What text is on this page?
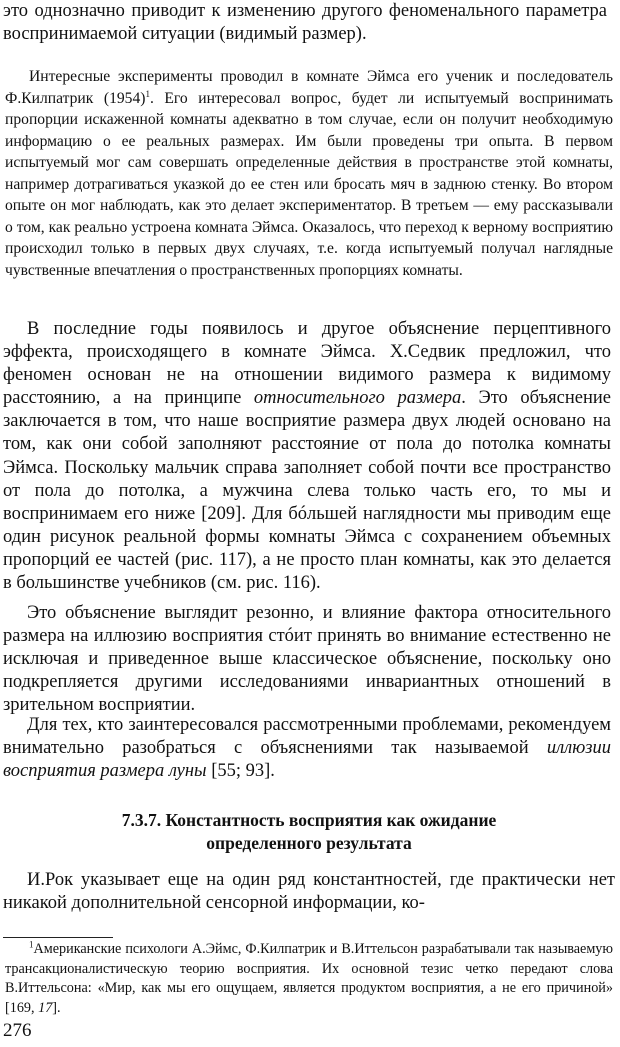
это однозначно приводит к изменению другого феноменального параметра воспринимаемой ситуации (видимый размер).

Интересные эксперименты проводил в комнате Эймса его ученик и последователь Ф.Килпатрик $(1954)^1$. Его интересовал вопрос, будет ли испытуемый воспринимать пропорции искаженной комнаты адекватно в том случае, если он получит необходимую информацию о ее реальных размерах. Им были проведены три опыта. В первом испытуемый мог сам совершать определенные действия в пространстве этой комнаты, например дотрагиваться указкой до ее стен или бросать мяч в заднюю стенку. Во втором опыте он мог наблюдать, как это делает экспериментатор. В третьем — ему рассказывали о том, как реально устроена комната Эймса. Оказалось, что переход к верному восприятию происходил только в первых двух случаях, т.е. когда испытуемый получал наглядные чувственные впечатления о пространственных пропорциях комнаты.

В последние годы появилось и другое объяснение перцептивного эффекта, происходящего в комнате Эймса. Х.Седвик предложил, что феномен основан не на отношении видимого размера к видимому расстоянию, а на принципе относительного размера. Это объяснение заключается в том, что наше восприятие размера двух людей основано на том, как они собой заполняют расстояние от пола до потолка комнаты Эймса. Поскольку мальчик справа заполняет собой почти все пространство от пола до потолка, а мужчина слева только часть его, то мы и воспринимаем его ниже [209]. Для бóльшей наглядности мы приводим еще один рисунок реальной формы комнаты Эймса с сохранением объемных пропорций ее частей (рис. 117), а не просто план комнаты, как это делается в большинстве учебников (см. рис. 116).

Это объяснение выглядит резонно, и влияние фактора относительного размера на иллюзию восприятия стóит принять во внимание естественно не исключая и приведенное выше классическое объяснение, поскольку оно подкрепляется другими исследованиями инвариантных отношений в зрительном восприятии.

Для тех, кто заинтересовался рассмотренными проблемами, рекомендуем внимательно разобраться с объяснениями так называемой иллюзии восприятия размера луны [55; 93].

7.3.7. Константность восприятия как ожидание
определенного результата

И.Рок указывает еще на один ряд константностей, где практически нет никакой дополнительной сенсорной информации, ко-

$^1$Американские психологи А.Эймс, Ф.Килпатрик и В.Иттельсон разрабатывали так называемую трансакционалистическую теорию восприятия. Их основной тезис четко передают слова В.Иттельсона: «Мир, как мы его ощущаем, является продуктом восприятия, а не его причиной» [169, 17].

276
